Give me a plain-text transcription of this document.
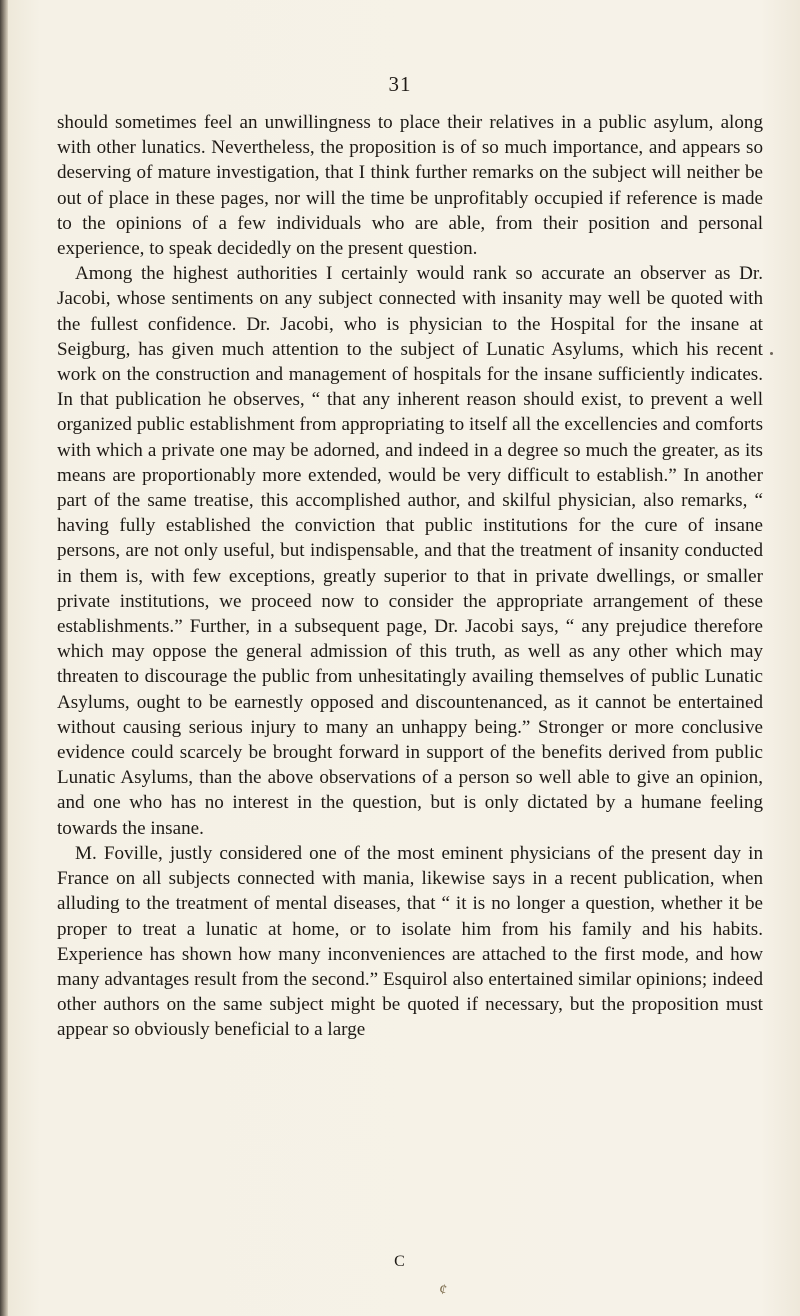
31

should sometimes feel an unwillingness to place their relatives in a public asylum, along with other lunatics. Nevertheless, the proposition is of so much importance, and appears so deserving of mature investigation, that I think further remarks on the subject will neither be out of place in these pages, nor will the time be unprofitably occupied if reference is made to the opinions of a few individuals who are able, from their position and personal experience, to speak decidedly on the present question.

Among the highest authorities I certainly would rank so accurate an observer as Dr. Jacobi, whose sentiments on any subject connected with insanity may well be quoted with the fullest confidence. Dr. Jacobi, who is physician to the Hospital for the insane at Seigburg, has given much attention to the subject of Lunatic Asylums, which his recent work on the construction and management of hospitals for the insane sufficiently indicates. In that publication he observes, “ that any inherent reason should exist, to prevent a well organized public establishment from appropriating to itself all the excellencies and comforts with which a private one may be adorned, and indeed in a degree so much the greater, as its means are proportionably more extended, would be very difficult to establish.” In another part of the same treatise, this accomplished author, and skilful physician, also remarks, “ having fully established the conviction that public institutions for the cure of insane persons, are not only useful, but indispensable, and that the treatment of insanity conducted in them is, with few exceptions, greatly superior to that in private dwellings, or smaller private institutions, we proceed now to consider the appropriate arrangement of these establishments.” Further, in a subsequent page, Dr. Jacobi says, “ any prejudice therefore which may oppose the general admission of this truth, as well as any other which may threaten to discourage the public from unhesitatingly availing themselves of public Lunatic Asylums, ought to be earnestly opposed and discountenanced, as it cannot be entertained without causing serious injury to many an unhappy being.” Stronger or more conclusive evidence could scarcely be brought forward in support of the benefits derived from public Lunatic Asylums, than the above observations of a person so well able to give an opinion, and one who has no interest in the question, but is only dictated by a humane feeling towards the insane.

M. Foville, justly considered one of the most eminent physicians of the present day in France on all subjects connected with mania, likewise says in a recent publication, when alluding to the treatment of mental diseases, that “ it is no longer a question, whether it be proper to treat a lunatic at home, or to isolate him from his family and his habits. Experience has shown how many inconveniences are attached to the first mode, and how many advantages result from the second.” Esquirol also entertained similar opinions; indeed other authors on the same subject might be quoted if necessary, but the proposition must appear so obviously beneficial to a large

C
¢
